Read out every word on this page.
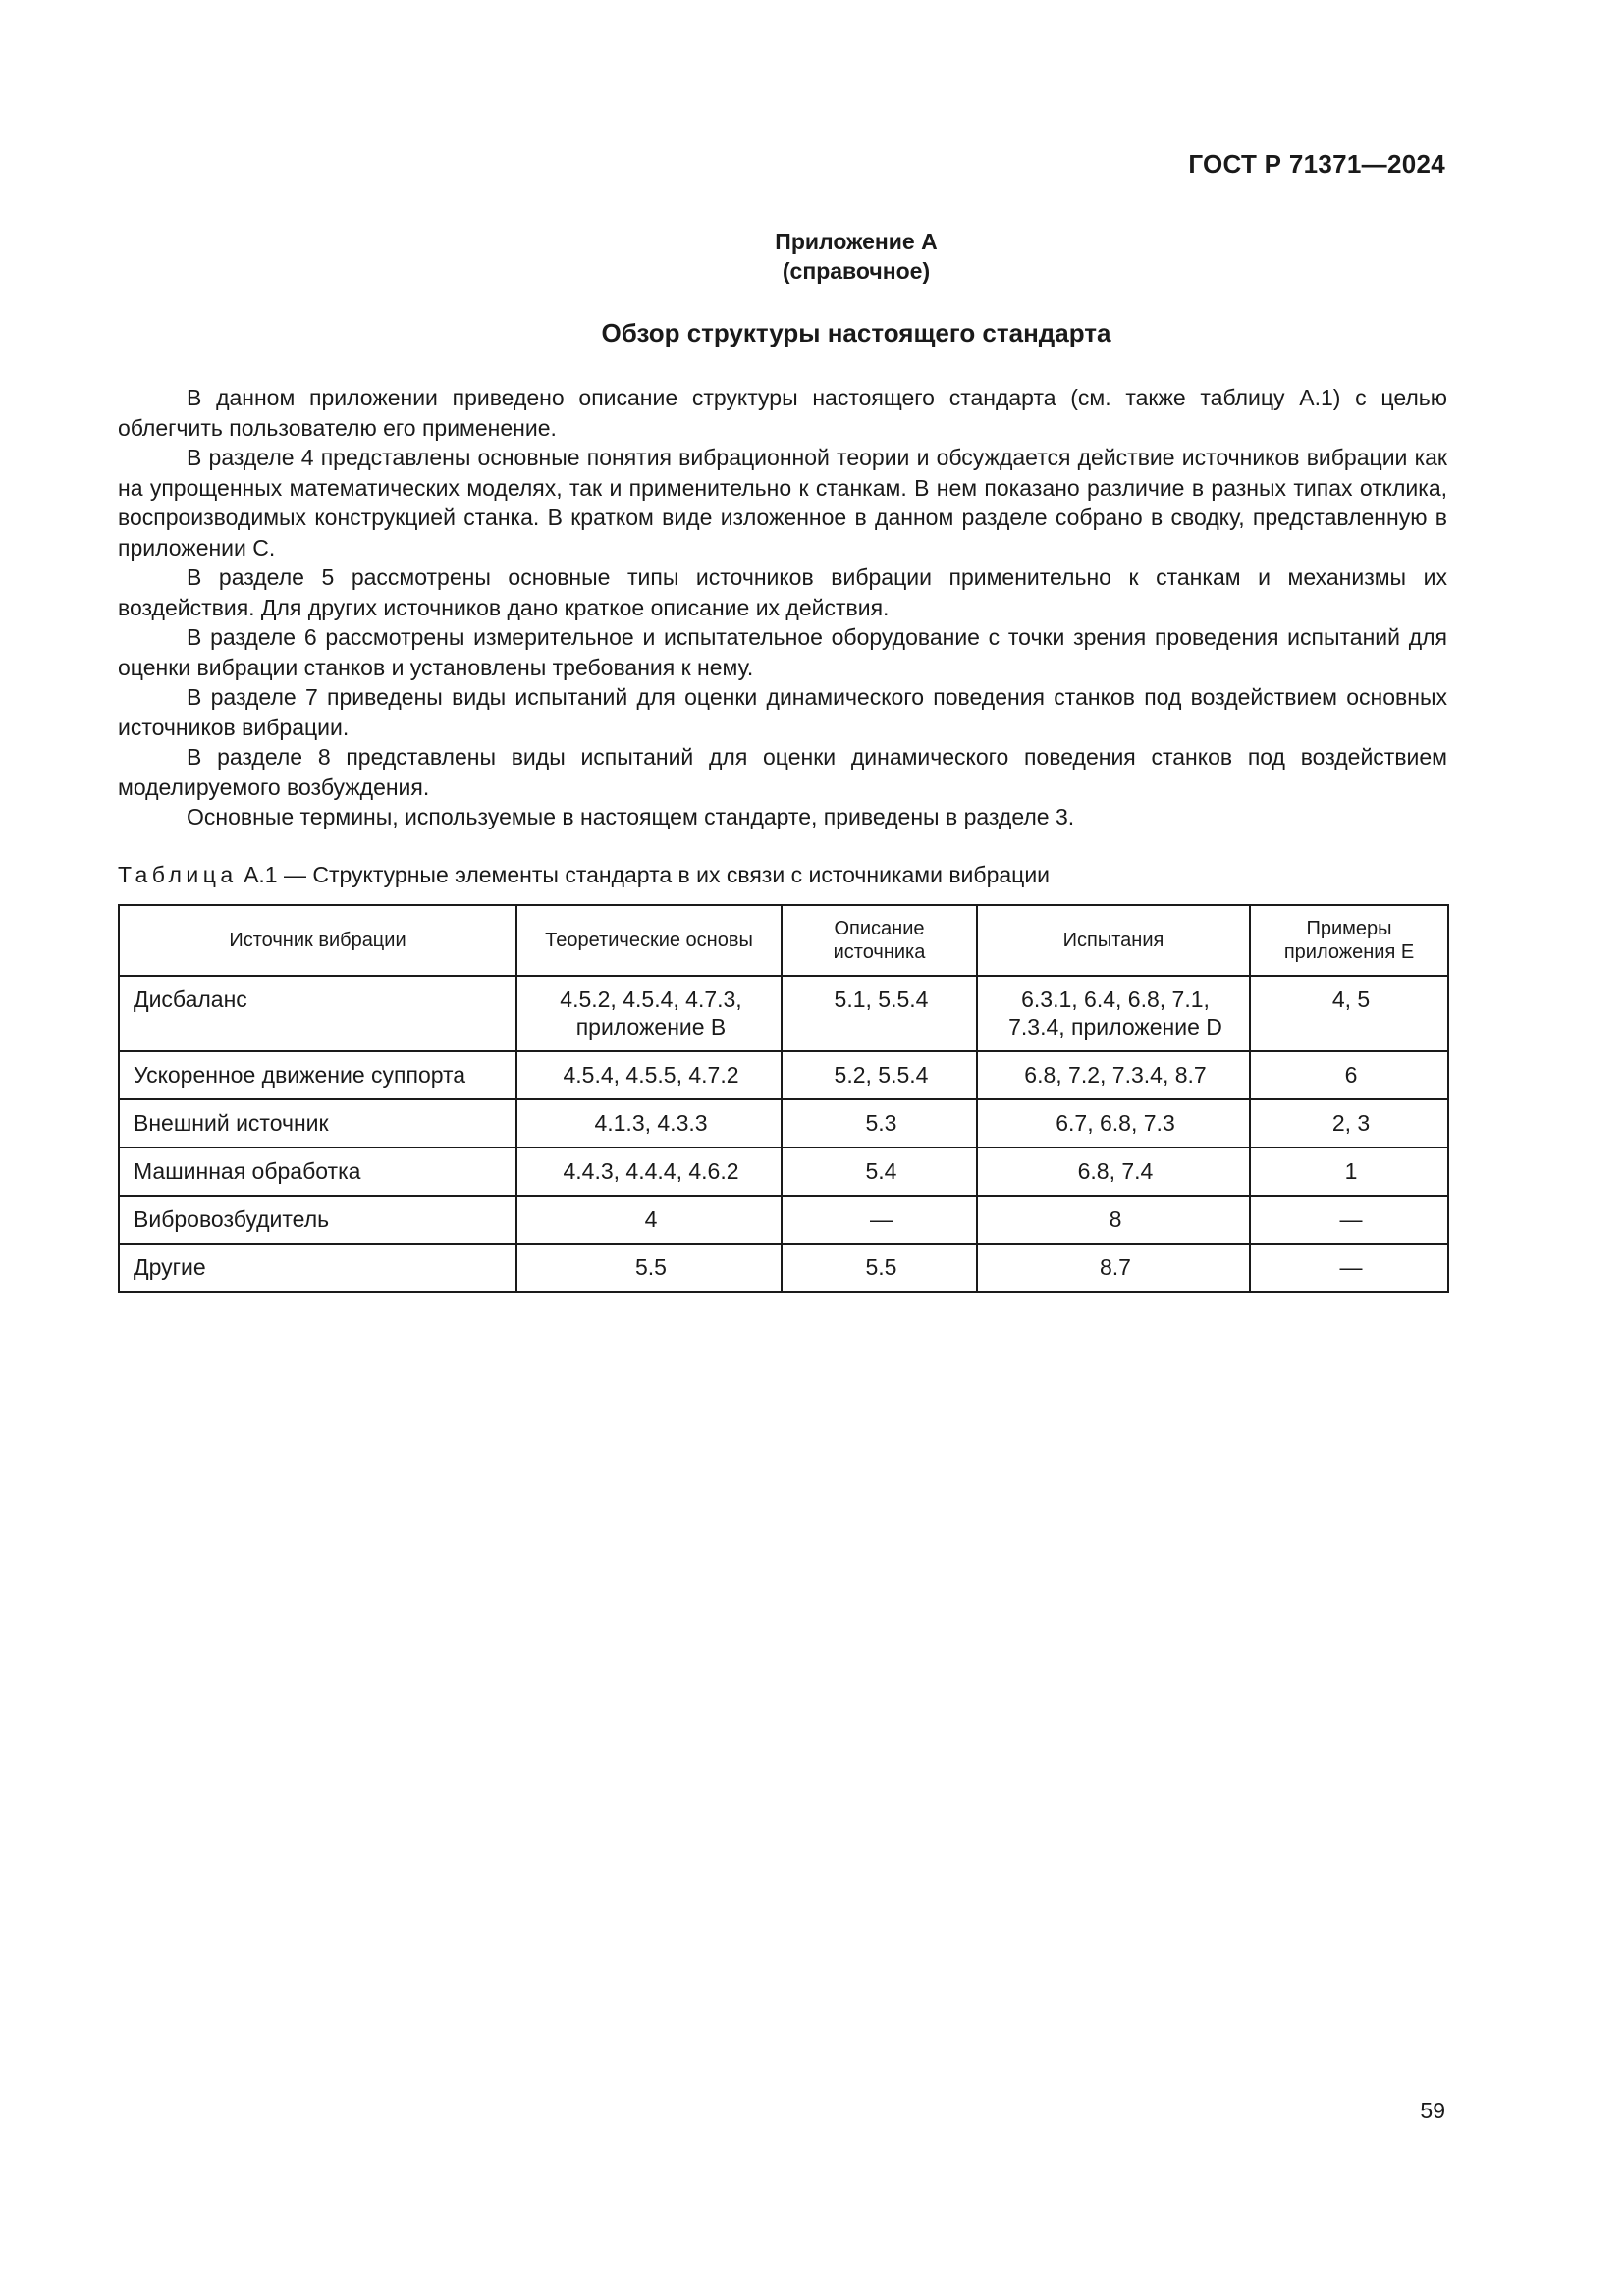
ГОСТ Р 71371—2024
Приложение А
(справочное)
Обзор структуры настоящего стандарта

В данном приложении приведено описание структуры настоящего стандарта (см. также таблицу А.1) с целью облегчить пользователю его применение.

В разделе 4 представлены основные понятия вибрационной теории и обсуждается действие источников вибрации как на упрощенных математических моделях, так и применительно к станкам. В нем показано различие в разных типах отклика, воспроизводимых конструкцией станка. В кратком виде изложенное в данном разделе собрано в сводку, представленную в приложении С.

В разделе 5 рассмотрены основные типы источников вибрации применительно к станкам и механизмы их воздействия. Для других источников дано краткое описание их действия.

В разделе 6 рассмотрены измерительное и испытательное оборудование с точки зрения проведения испытаний для оценки вибрации станков и установлены требования к нему.

В разделе 7 приведены виды испытаний для оценки динамического поведения станков под воздействием основных источников вибрации.

В разделе 8 представлены виды испытаний для оценки динамического поведения станков под воздействием моделируемого возбуждения.

Основные термины, используемые в настоящем стандарте, приведены в разделе 3.

Таблица А.1 — Структурные элементы стандарта в их связи с источниками вибрации
Источник вибрации	Теоретические основы	Описание источника	Испытания	Примеры приложения Е
Дисбаланс	4.5.2, 4.5.4, 4.7.3, приложение В	5.1, 5.5.4	6.3.1, 6.4, 6.8, 7.1, 7.3.4, приложение D	4, 5
Ускоренное движение суппорта	4.5.4, 4.5.5, 4.7.2	5.2, 5.5.4	6.8, 7.2, 7.3.4, 8.7	6
Внешний источник	4.1.3, 4.3.3	5.3	6.7, 6.8, 7.3	2, 3
Машинная обработка	4.4.3, 4.4.4, 4.6.2	5.4	6.8, 7.4	1
Вибровозбудитель	4	—	8	—
Другие	5.5	5.5	8.7	—
59
